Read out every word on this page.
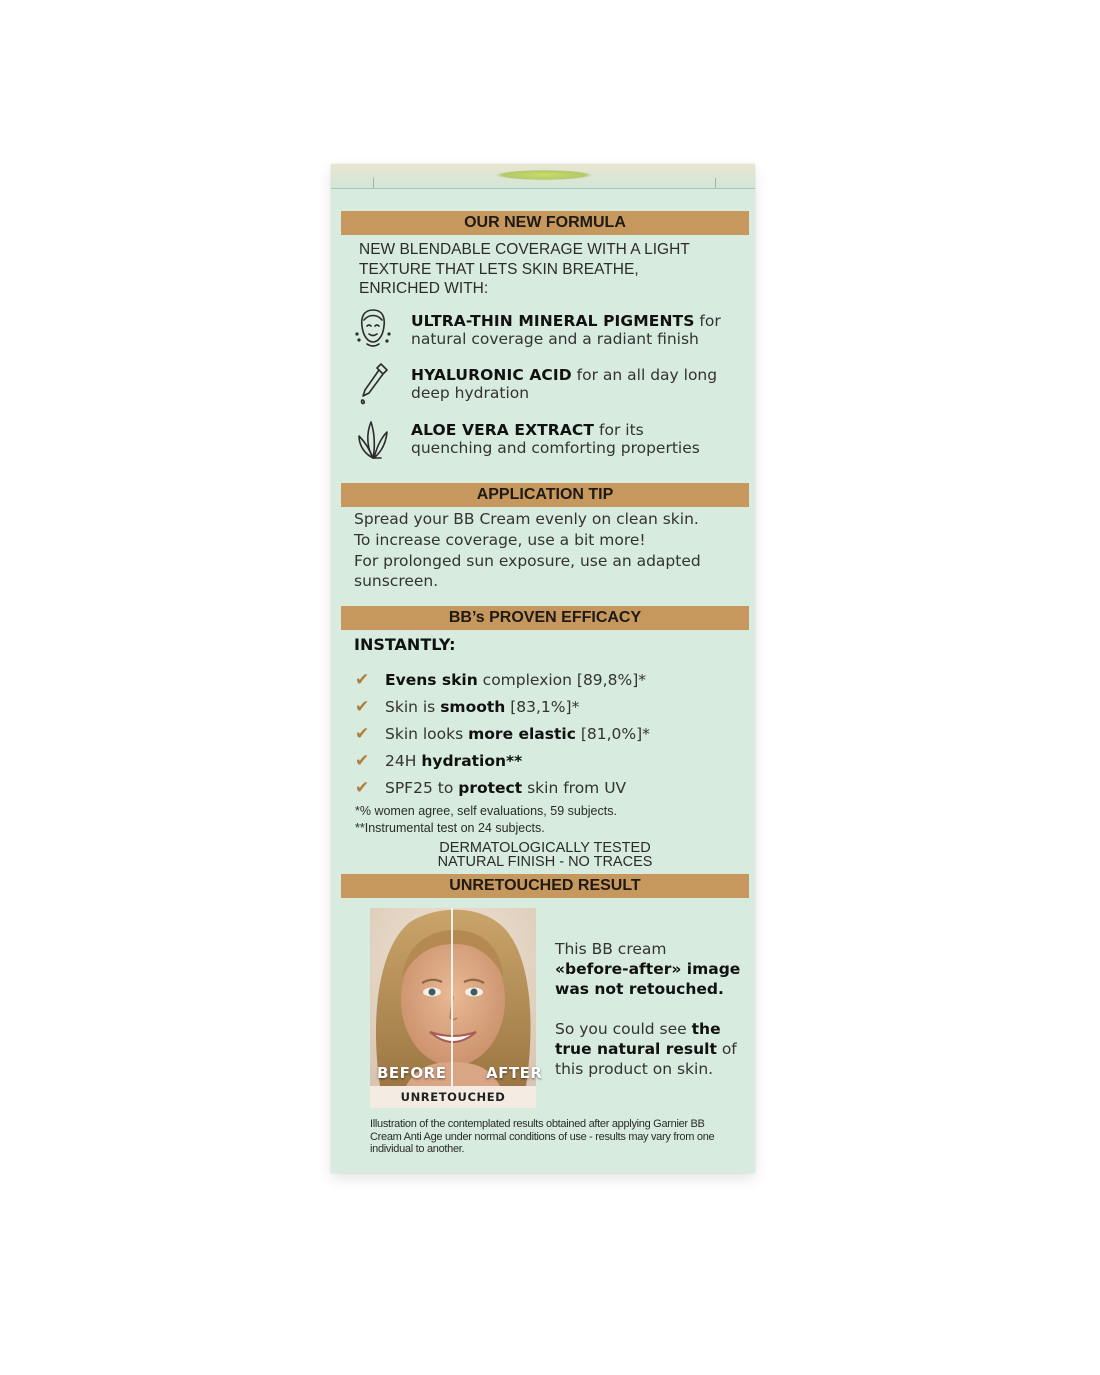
OUR NEW FORMULA
NEW BLENDABLE COVERAGE WITH A LIGHT
TEXTURE THAT LETS SKIN BREATHE,
ENRICHED WITH:
ULTRA-THIN MINERAL PIGMENTS for
natural coverage and a radiant finish
HYALURONIC ACID for an all day long
deep hydration
ALOE VERA EXTRACT for its
quenching and comforting properties
APPLICATION TIP
Spread your BB Cream evenly on clean skin.
To increase coverage, use a bit more!
For prolonged sun exposure, use an adapted
sunscreen.
BB’s PROVEN EFFICACY
INSTANTLY:
✔ Evens skin complexion [89,8%]*
✔ Skin is smooth [83,1%]*
✔ Skin looks more elastic [81,0%]*
✔ 24H hydration**
✔ SPF25 to protect skin from UV
*% women agree, self evaluations, 59 subjects.
**Instrumental test on 24 subjects.
DERMATOLOGICALLY TESTED
NATURAL FINISH - NO TRACES
UNRETOUCHED RESULT
BEFORE	AFTER
UNRETOUCHED
This BB cream
«before-after» image
was not retouched.
So you could see the
true natural result of
this product on skin.
Illustration of the contemplated results obtained after applying Garnier BB Cream Anti Age under normal conditions of use - results may vary from one individual to another.
